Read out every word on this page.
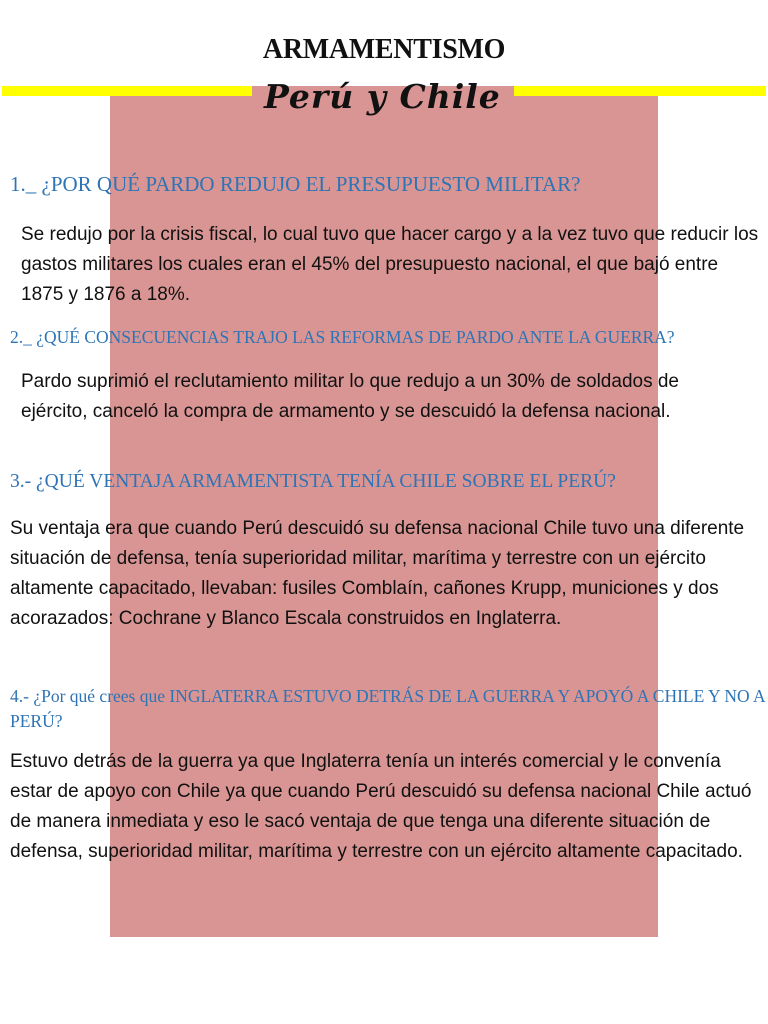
ARMAMENTISMO
Perú y Chile

1._ ¿POR QUÉ PARDO REDUJO EL PRESUPUESTO MILITAR?

Se redujo por la crisis fiscal, lo cual tuvo que hacer cargo y a la vez tuvo que reducir los gastos militares los cuales eran el 45% del presupuesto nacional, el que bajó entre 1875 y 1876 a 18%.

2._ ¿QUÉ CONSECUENCIAS TRAJO LAS REFORMAS DE PARDO ANTE LA GUERRA?

Pardo suprimió el reclutamiento militar lo que redujo a un 30% de soldados de ejército, canceló la compra de armamento y se descuidó la defensa nacional.

3.- ¿QUÉ VENTAJA ARMAMENTISTA TENÍA CHILE SOBRE EL PERÚ?

Su ventaja era que cuando Perú descuidó su defensa nacional Chile tuvo una diferente situación de defensa, tenía superioridad militar, marítima y terrestre con un ejército altamente capacitado, llevaban: fusiles Comblaín, cañones Krupp, municiones y dos acorazados: Cochrane y Blanco Escala construidos en Inglaterra.

4.- ¿Por qué crees que INGLATERRA ESTUVO DETRÁS DE LA GUERRA Y APOYÓ A CHILE Y NO A PERÚ?

Estuvo detrás de la guerra ya que Inglaterra tenía un interés comercial y le convenía estar de apoyo con Chile ya que cuando Perú descuidó su defensa nacional Chile actuó de manera inmediata y eso le sacó ventaja de que tenga una diferente situación de defensa, superioridad militar, marítima y terrestre con un ejército altamente capacitado.
